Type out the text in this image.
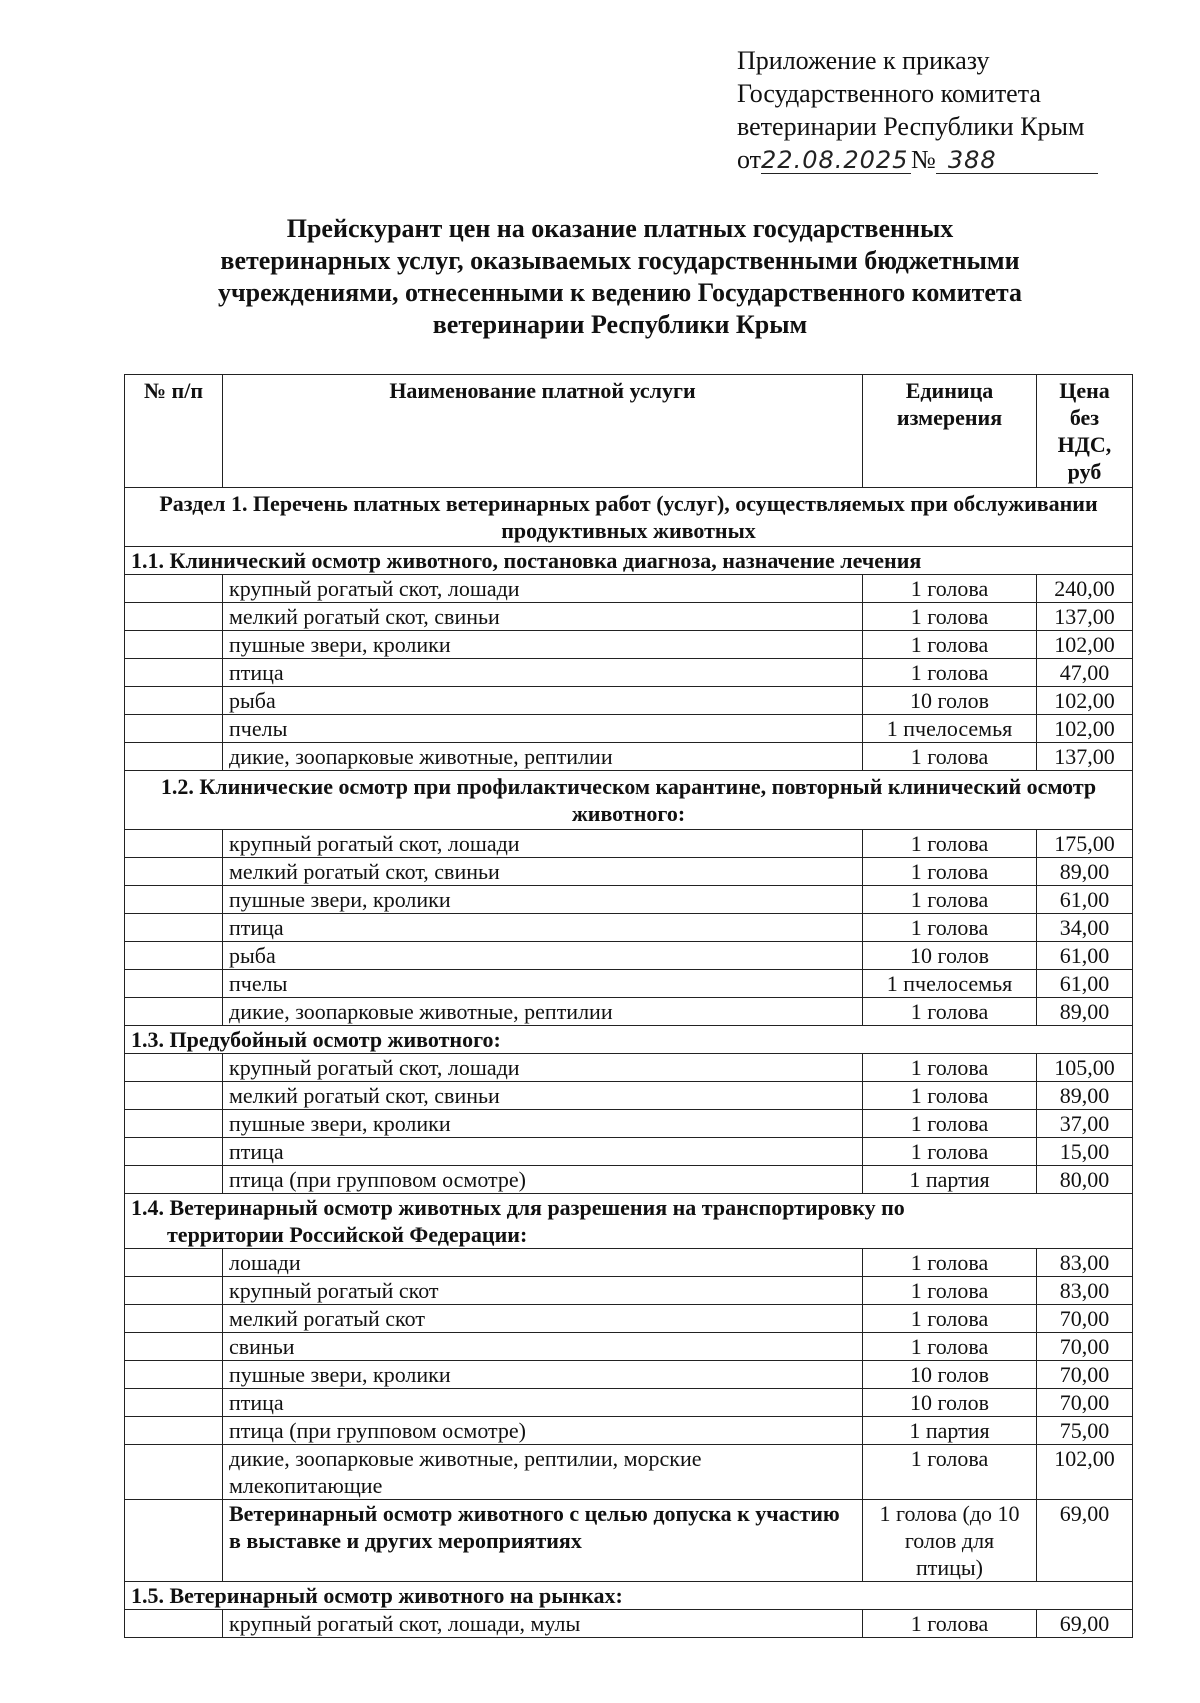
Приложение к приказу
Государственного комитета
ветеринарии Республики Крым
от22.08.2025№ 388
Прейскурант цен на оказание платных государственных
ветеринарных услуг, оказываемых государственными бюджетными
учреждениями, отнесенными к ведению Государственного комитета
ветеринарии Республики Крым
№ п/п	Наименование платной услуги	Единица измерения	Цена без НДС, руб
Раздел 1. Перечень платных ветеринарных работ (услуг), осуществляемых при обслуживании продуктивных животных			
1.1. Клинический осмотр животного, постановка диагноза, назначение лечения			
	крупный рогатый скот, лошади	1 голова	240,00
	мелкий рогатый скот, свиньи	1 голова	137,00
	пушные звери, кролики	1 голова	102,00
	птица	1 голова	47,00
	рыба	10 голов	102,00
	пчелы	1 пчелосемья	102,00
	дикие, зоопарковые животные, рептилии	1 голова	137,00
1.2. Клинические осмотр при профилактическом карантине, повторный клинический осмотр животного:			
	крупный рогатый скот, лошади	1 голова	175,00
	мелкий рогатый скот, свиньи	1 голова	89,00
	пушные звери, кролики	1 голова	61,00
	птица	1 голова	34,00
	рыба	10 голов	61,00
	пчелы	1 пчелосемья	61,00
	дикие, зоопарковые животные, рептилии	1 голова	89,00
1.3. Предубойный осмотр животного:			
	крупный рогатый скот, лошади	1 голова	105,00
	мелкий рогатый скот, свиньи	1 голова	89,00
	пушные звери, кролики	1 голова	37,00
	птица	1 голова	15,00
	птица (при групповом осмотре)	1 партия	80,00

1.4. Ветеринарный осмотр животных для разрешения на транспортировку по
территории Российской Федерации:			
	лошади	1 голова	83,00
	крупный рогатый скот	1 голова	83,00
	мелкий рогатый скот	1 голова	70,00
	свиньи	1 голова	70,00
	пушные звери, кролики	10 голов	70,00
	птица	10 голов	70,00
	птица (при групповом осмотре)	1 партия	75,00
	дикие, зоопарковые животные, рептилии, морские млекопитающие	1 голова	102,00
	Ветеринарный осмотр животного с целью допуска к участию в выставке и других мероприятиях	1 голова (до 10 голов для птицы)	69,00
1.5. Ветеринарный осмотр животного на рынках:			
	крупный рогатый скот, лошади, мулы	1 голова	69,00
